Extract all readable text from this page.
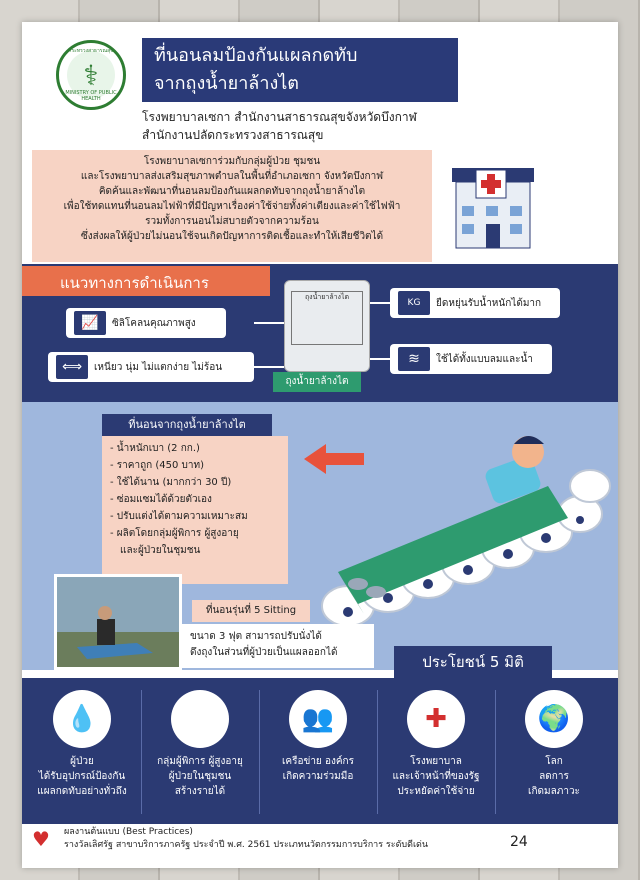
กระทรวงสาธารณสุข
⚕
MINISTRY OF PUBLIC HEALTH
ที่นอนลมป้องกันแผลกดทับ
จากถุงน้ำยาล้างไต
โรงพยาบาลเซกา สำนักงานสาธารณสุขจังหวัดบึงกาฬ
สำนักงานปลัดกระทรวงสาธารณสุข
โรงพยาบาลเซการ่วมกับกลุ่มผู้ป่วย ชุมชน
และโรงพยาบาลส่งเสริมสุขภาพตำบลในพื้นที่อำเภอเซกา จังหวัดบึงกาฬ
คิดค้นและพัฒนาที่นอนลมป้องกันแผลกดทับจากถุงน้ำยาล้างไต
เพื่อใช้ทดแทนที่นอนลมไฟฟ้าที่มีปัญหาเรื่องค่าใช้จ่ายทั้งค่าเตียงและค่าใช้ไฟฟ้า
รวมทั้งการนอนไม่สบายตัวจากความร้อน
ซึ่งส่งผลให้ผู้ป่วยไม่นอนใช้จนเกิดปัญหาการติดเชื้อและทำให้เสียชีวิตได้
แนวทางการดำเนินการ
📈	ซิลิโคลนคุณภาพสูง
⟺	เหนียว นุ่ม ไม่แตกง่าย ไม่ร้อน
KG	ยืดหยุ่นรับน้ำหนักได้มาก
≋	ใช้ได้ทั้งแบบลมและน้ำ
ถุงน้ำยาล้างไต
ถุงน้ำยาล้างไต
ที่นอนจากถุงน้ำยาล้างไต
- น้ำหนักเบา (2 กก.)
- ราคาถูก (450 บาท)
- ใช้ได้นาน (มากกว่า 30 ปี)
- ซ่อมแซมได้ด้วยตัวเอง
- ปรับแต่งได้ตามความเหมาะสม
- ผลิตโดยกลุ่มผู้พิการ ผู้สูงอายุ
และผู้ป่วยในชุมชน
ที่นอนรุ่นที่ 5 Sitting
ขนาด 3 ฟุต สามารถปรับนั่งได้
ดึงถุงในส่วนที่ผู้ป่วยเป็นแผลออกได้
ประโยชน์ 5 มิติ
💧
ผู้ป่วย
ได้รับอุปกรณ์ป้องกัน
แผลกดทับอย่างทั่วถึง
♿
กลุ่มผู้พิการ ผู้สูงอายุ
ผู้ป่วยในชุมชน
สร้างรายได้
👥
เครือข่าย องค์กร
เกิดความร่วมมือ
✚
โรงพยาบาล
และเจ้าหน้าที่ของรัฐ
ประหยัดค่าใช้จ่าย
🌍
โลก
ลดการ
เกิดมลภาวะ
♥	ผลงานต้นแบบ (Best Practices)
รางวัลเลิศรัฐ สาขาบริการภาครัฐ ประจำปี พ.ศ. 2561 ประเภทนวัตกรรมการบริการ ระดับดีเด่น	24
